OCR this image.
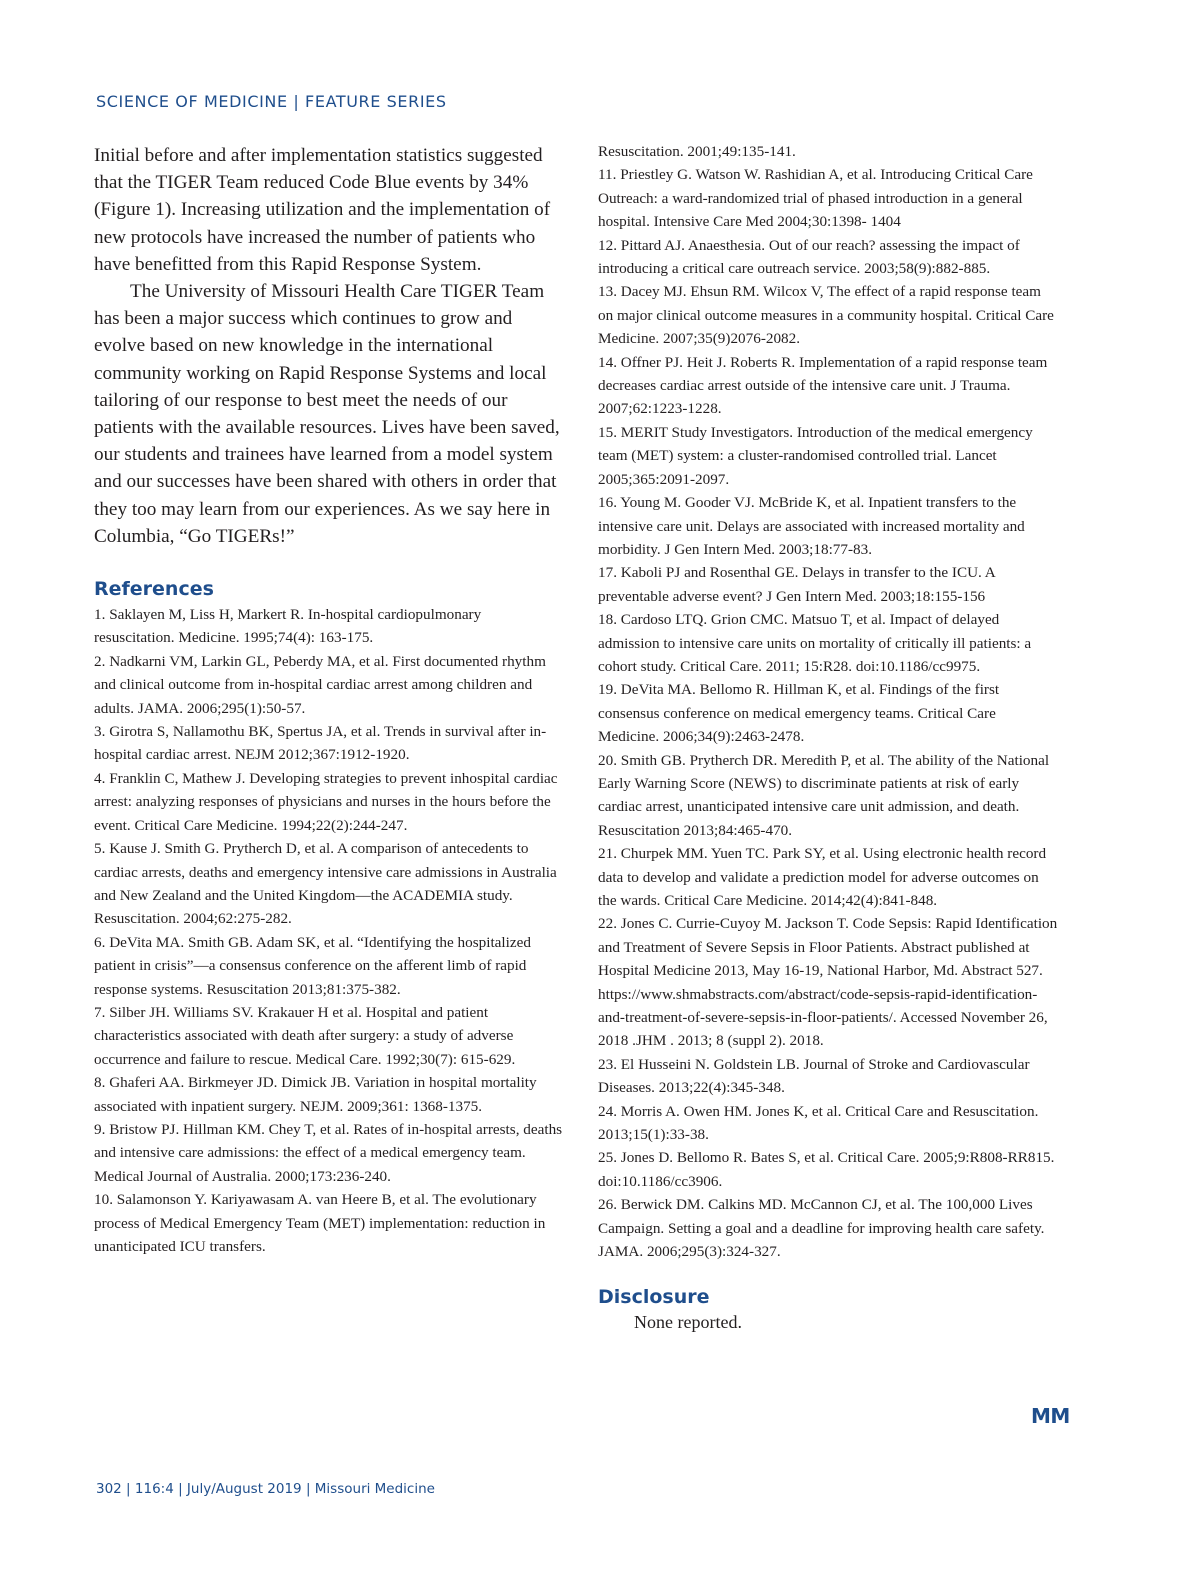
SCIENCE OF MEDICINE | FEATURE SERIES

Initial before and after implementation statistics suggested that the TIGER Team reduced Code Blue events by 34% (Figure 1). Increasing utilization and the implementation of new protocols have increased the number of patients who have benefitted from this Rapid Response System.

The University of Missouri Health Care TIGER Team has been a major success which continues to grow and evolve based on new knowledge in the international community working on Rapid Response Systems and local tailoring of our response to best meet the needs of our patients with the available resources. Lives have been saved, our students and trainees have learned from a model system and our successes have been shared with others in order that they too may learn from our experiences. As we say here in Columbia, “Go TIGERs!”

References

1. Saklayen M, Liss H, Markert R. In-hospital cardiopulmonary resuscitation. Medicine. 1995;74(4): 163-175.

2. Nadkarni VM, Larkin GL, Peberdy MA, et al. First documented rhythm and clinical outcome from in-hospital cardiac arrest among children and adults. JAMA. 2006;295(1):50-57.

3. Girotra S, Nallamothu BK, Spertus JA, et al. Trends in survival after in-hospital cardiac arrest. NEJM 2012;367:1912-1920.

4. Franklin C, Mathew J. Developing strategies to prevent inhospital cardiac arrest: analyzing responses of physicians and nurses in the hours before the event. Critical Care Medicine. 1994;22(2):244-247.

5. Kause J. Smith G. Prytherch D, et al. A comparison of antecedents to cardiac arrests, deaths and emergency intensive care admissions in Australia and New Zealand and the United Kingdom—the ACADEMIA study. Resuscitation. 2004;62:275-282.

6. DeVita MA. Smith GB. Adam SK, et al. “Identifying the hospitalized patient in crisis”—a consensus conference on the afferent limb of rapid response systems. Resuscitation 2013;81:375-382.

7. Silber JH. Williams SV. Krakauer H et al. Hospital and patient characteristics associated with death after surgery: a study of adverse occurrence and failure to rescue. Medical Care. 1992;30(7): 615-629.

8. Ghaferi AA. Birkmeyer JD. Dimick JB. Variation in hospital mortality associated with inpatient surgery. NEJM. 2009;361: 1368-1375.

9. Bristow PJ. Hillman KM. Chey T, et al. Rates of in-hospital arrests, deaths and intensive care admissions: the effect of a medical emergency team. Medical Journal of Australia. 2000;173:236-240.

10. Salamonson Y. Kariyawasam A. van Heere B, et al. The evolutionary process of Medical Emergency Team (MET) implementation: reduction in unanticipated ICU transfers.

Resuscitation. 2001;49:135-141.

11. Priestley G. Watson W. Rashidian A, et al. Introducing Critical Care Outreach: a ward-randomized trial of phased introduction in a general hospital. Intensive Care Med 2004;30:1398- 1404

12. Pittard AJ. Anaesthesia. Out of our reach? assessing the impact of introducing a critical care outreach service. 2003;58(9):882-885.

13. Dacey MJ. Ehsun RM. Wilcox V, The effect of a rapid response team on major clinical outcome measures in a community hospital. Critical Care Medicine. 2007;35(9)2076-2082.

14. Offner PJ. Heit J. Roberts R. Implementation of a rapid response team decreases cardiac arrest outside of the intensive care unit. J Trauma. 2007;62:1223-1228.

15. MERIT Study Investigators. Introduction of the medical emergency team (MET) system: a cluster-randomised controlled trial. Lancet 2005;365:2091-2097.

16. Young M. Gooder VJ. McBride K, et al. Inpatient transfers to the intensive care unit. Delays are associated with increased mortality and morbidity. J Gen Intern Med. 2003;18:77-83.

17. Kaboli PJ and Rosenthal GE. Delays in transfer to the ICU. A preventable adverse event? J Gen Intern Med. 2003;18:155-156

18. Cardoso LTQ. Grion CMC. Matsuo T, et al. Impact of delayed admission to intensive care units on mortality of critically ill patients: a cohort study. Critical Care. 2011; 15:R28. doi:10.1186/cc9975.

19. DeVita MA. Bellomo R. Hillman K, et al. Findings of the first consensus conference on medical emergency teams. Critical Care Medicine. 2006;34(9):2463-2478.

20. Smith GB. Prytherch DR. Meredith P, et al. The ability of the National Early Warning Score (NEWS) to discriminate patients at risk of early cardiac arrest, unanticipated intensive care unit admission, and death. Resuscitation 2013;84:465-470.

21. Churpek MM. Yuen TC. Park SY, et al. Using electronic health record data to develop and validate a prediction model for adverse outcomes on the wards. Critical Care Medicine. 2014;42(4):841-848.

22. Jones C. Currie-Cuyoy M. Jackson T. Code Sepsis: Rapid Identification and Treatment of Severe Sepsis in Floor Patients. Abstract published at Hospital Medicine 2013, May 16-19, National Harbor, Md. Abstract 527. https://www.shmabstracts.com/abstract/code-sepsis-rapid-identification-and-treatment-of-severe-sepsis-in-floor-patients/. Accessed November 26, 2018 .JHM . 2013; 8 (suppl 2). 2018.

23. El Husseini N. Goldstein LB. Journal of Stroke and Cardiovascular Diseases. 2013;22(4):345-348.

24. Morris A. Owen HM. Jones K, et al. Critical Care and Resuscitation. 2013;15(1):33-38.

25. Jones D. Bellomo R. Bates S, et al. Critical Care. 2005;9:R808-RR815. doi:10.1186/cc3906.

26. Berwick DM. Calkins MD. McCannon CJ, et al. The 100,000 Lives Campaign. Setting a goal and a deadline for improving health care safety. JAMA. 2006;295(3):324-327.

Disclosure

None reported.

MM
302 | 116:4 | July/August 2019 | Missouri Medicine
